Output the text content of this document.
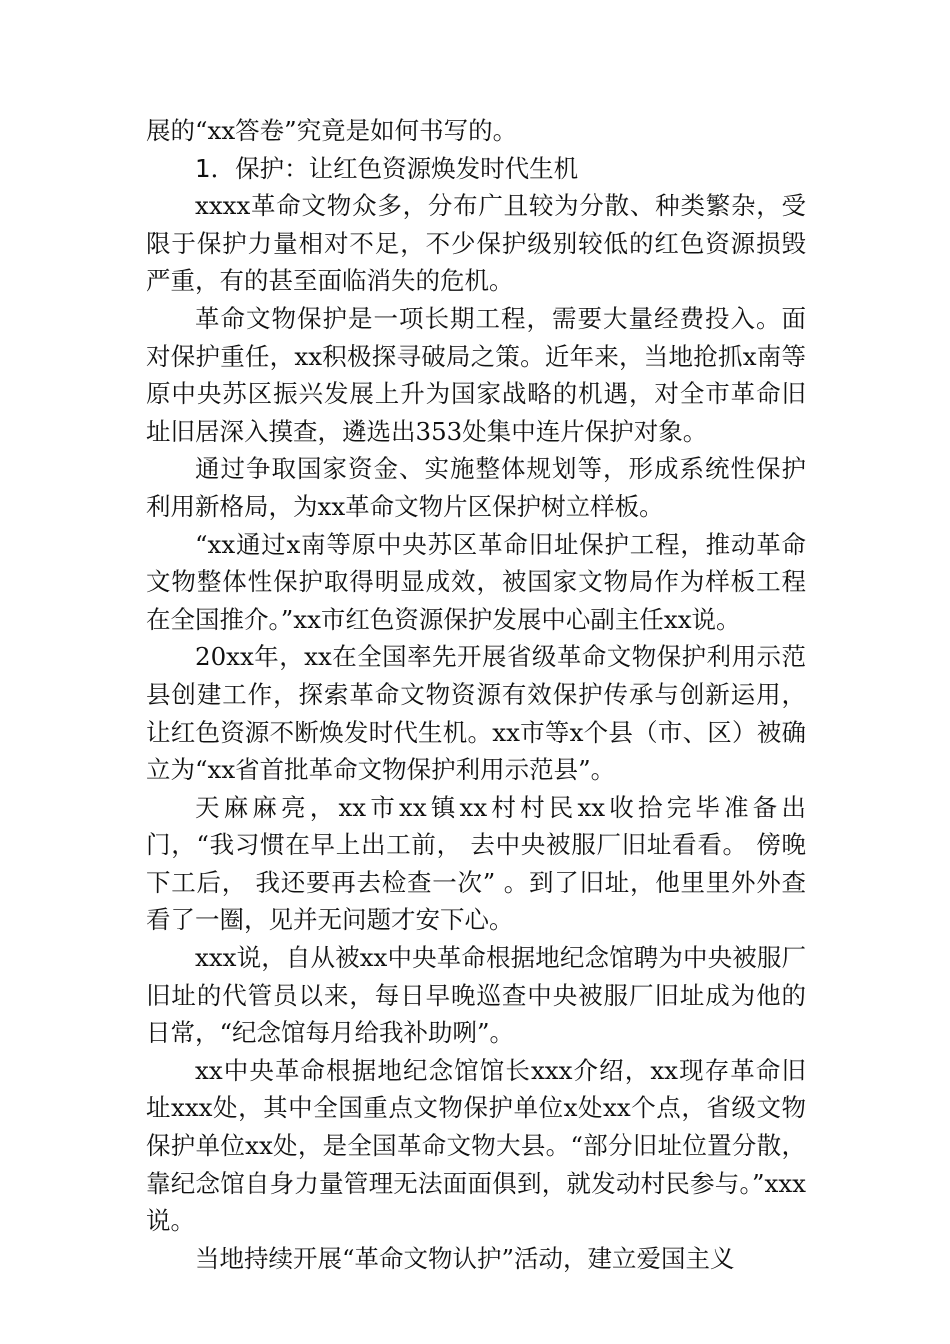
展的“xx答卷”究竟是如何书写的。

1．保护：让红色资源焕发时代生机

xxxx革命文物众多，分布广且较为分散、种类繁杂，受限于保护力量相对不足，不少保护级别较低的红色资源损毁严重，有的甚至面临消失的危机。

革命文物保护是一项长期工程，需要大量经费投入。面对保护重任，xx积极探寻破局之策。近年来，当地抢抓x南等原中央苏区振兴发展上升为国家战略的机遇，对全市革命旧址旧居深入摸查，遴选出353处集中连片保护对象。

通过争取国家资金、实施整体规划等，形成系统性保护利用新格局，为xx革命文物片区保护树立样板。

“xx通过x南等原中央苏区革命旧址保护工程，推动革命文物整体性保护取得明显成效，被国家文物局作为样板工程在全国推介。”xx市红色资源保护发展中心副主任xx说。

20xx年，xx在全国率先开展省级革命文物保护利用示范县创建工作，探索革命文物资源有效保护传承与创新运用，让红色资源不断焕发时代生机。xx市等x个县（市、区）被确立为“xx省首批革命文物保护利用示范县”。

天麻麻亮，xx市xx镇xx村村民xx收拾完毕准备出门，“我习惯在早上出工前， 去中央被服厂旧址看看。 傍晚下工后， 我还要再去检查一次” 。到了旧址，他里里外外查看了一圈，见并无问题才安下心。

xxx说，自从被xx中央革命根据地纪念馆聘为中央被服厂旧址的代管员以来，每日早晚巡查中央被服厂旧址成为他的日常，“纪念馆每月给我补助咧”。

xx中央革命根据地纪念馆馆长xxx介绍，xx现存革命旧址xxx处，其中全国重点文物保护单位x处xx个点，省级文物保护单位xx处，是全国革命文物大县。“部分旧址位置分散，靠纪念馆自身力量管理无法面面俱到，就发动村民参与。”xxx说。

当地持续开展“革命文物认护”活动，建立爱国主义
